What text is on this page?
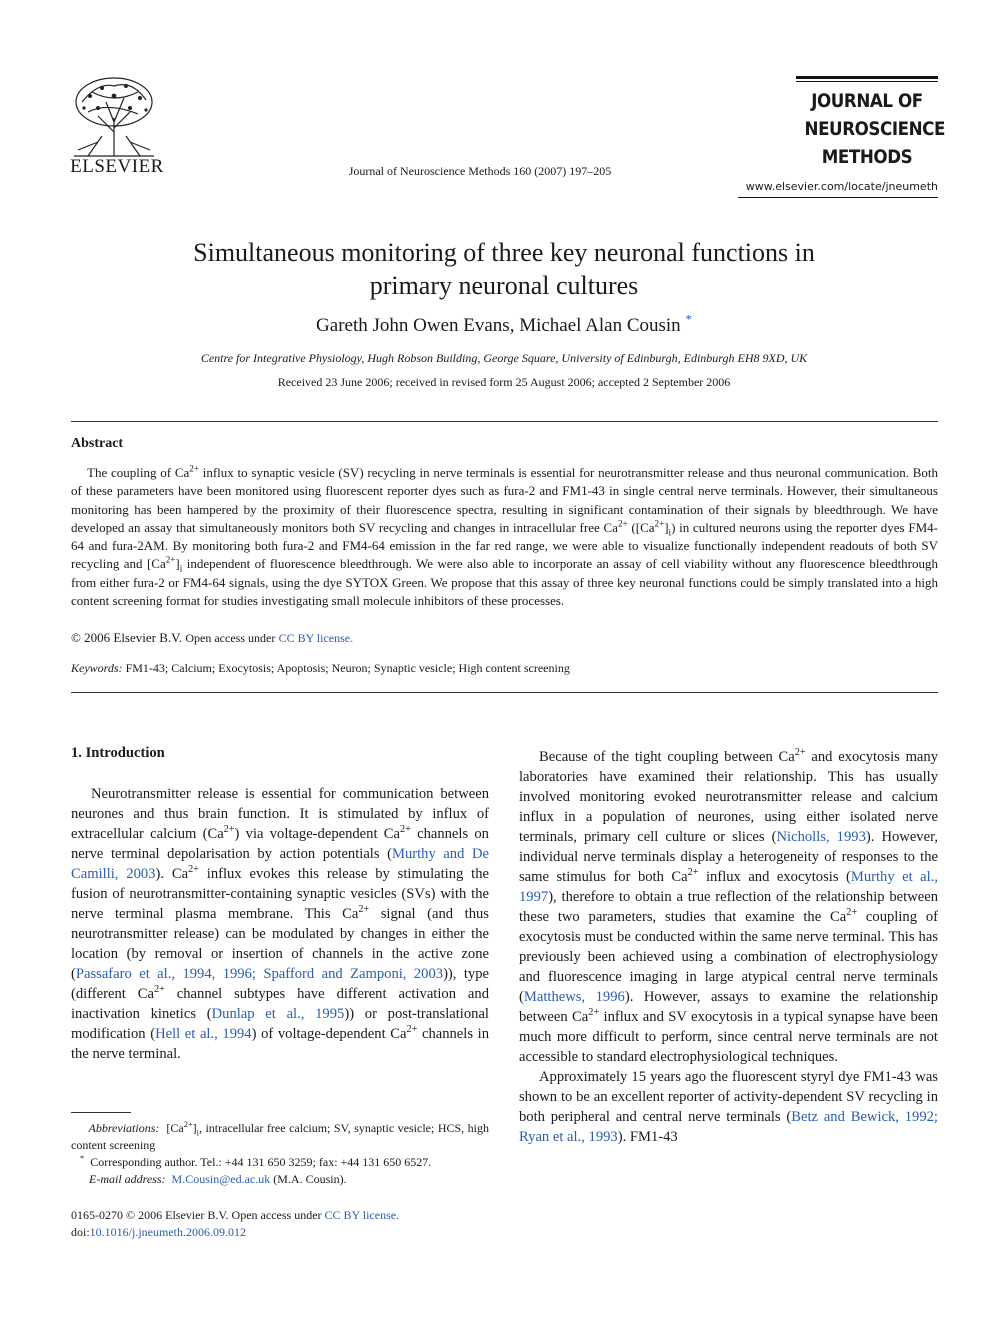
ELSEVIER	Journal of Neuroscience Methods 160 (2007) 197–205
JOURNAL OF
NEUROSCIENCE
METHODS
www.elsevier.com/locate/jneumeth
Simultaneous monitoring of three key neuronal functions in
primary neuronal cultures
Gareth John Owen Evans, Michael Alan Cousin *
Centre for Integrative Physiology, Hugh Robson Building, George Square, University of Edinburgh, Edinburgh EH8 9XD, UK
Received 23 June 2006; received in revised form 25 August 2006; accepted 2 September 2006
Abstract

The coupling of $Ca^{2+}$ influx to synaptic vesicle (SV) recycling in nerve terminals is essential for neurotransmitter release and thus neuronal communication. Both of these parameters have been monitored using fluorescent reporter dyes such as fura-2 and FM1-43 in single central nerve terminals. However, their simultaneous monitoring has been hampered by the proximity of their fluorescence spectra, resulting in significant contamination of their signals by bleedthrough. We have developed an assay that simultaneously monitors both SV recycling and changes in intracellular free $Ca^{2+}$ $([Ca^{2+}]_i)$ in cultured neurons using the reporter dyes FM4-64 and fura-2AM. By monitoring both fura-2 and FM4-64 emission in the far red range, we were able to visualize functionally independent readouts of both SV recycling and $[Ca^{2+}]_i$ independent of fluorescence bleedthrough. We were also able to incorporate an assay of cell viability without any fluorescence bleedthrough from either fura-2 or FM4-64 signals, using the dye SYTOX Green. We propose that this assay of three key neuronal functions could be simply translated into a high content screening format for studies investigating small molecule inhibitors of these processes.

© 2006 Elsevier B.V. Open access under CC BY license.
Keywords: FM1-43; Calcium; Exocytosis; Apoptosis; Neuron; Synaptic vesicle; High content screening
1. Introduction

Neurotransmitter release is essential for communication between neurones and thus brain function. It is stimulated by influx of extracellular calcium $(Ca^{2+})$ via voltage-dependent $Ca^{2+}$ channels on nerve terminal depolarisation by action potentials (Murthy and De Camilli, 2003). $Ca^{2+}$ influx evokes this release by stimulating the fusion of neurotransmitter-containing synaptic vesicles (SVs) with the nerve terminal plasma membrane. This $Ca^{2+}$ signal (and thus neurotransmitter release) can be modulated by changes in either the location (by removal or insertion of channels in the active zone (Passafaro et al., 1994, 1996; Spafford and Zamponi, 2003)), type (different $Ca^{2+}$ channel subtypes have different activation and inactivation kinetics (Dunlap et al., 1995)) or post-translational modification (Hell et al., 1994) of voltage-dependent $Ca^{2+}$ channels in the nerve terminal.

Because of the tight coupling between $Ca^{2+}$ and exocytosis many laboratories have examined their relationship. This has usually involved monitoring evoked neurotransmitter release and calcium influx in a population of neurones, using either isolated nerve terminals, primary cell culture or slices (Nicholls, 1993). However, individual nerve terminals display a heterogeneity of responses to the same stimulus for both $Ca^{2+}$ influx and exocytosis (Murthy et al., 1997), therefore to obtain a true reflection of the relationship between these two parameters, studies that examine the $Ca^{2+}$ coupling of exocytosis must be conducted within the same nerve terminal. This has previously been achieved using a combination of electrophysiology and fluorescence imaging in large atypical central nerve terminals (Matthews, 1996). However, assays to examine the relationship between $Ca^{2+}$ influx and SV exocytosis in a typical synapse have been much more difficult to perform, since central nerve terminals are not accessible to standard electrophysiological techniques.

Approximately 15 years ago the fluorescent styryl dye FM1-43 was shown to be an excellent reporter of activity-dependent SV recycling in both peripheral and central nerve terminals (Betz and Bewick, 1992; Ryan et al., 1993). FM1-43

Abbreviations: $[Ca^{2+}]_i$, intracellular free calcium; SV, synaptic vesicle; HCS, high content screening
* Corresponding author. Tel.: +44 131 650 3259; fax: +44 131 650 6527.
E-mail address: M.Cousin@ed.ac.uk (M.A. Cousin).
0165-0270 © 2006 Elsevier B.V. Open access under CC BY license.
doi:10.1016/j.jneumeth.2006.09.012
